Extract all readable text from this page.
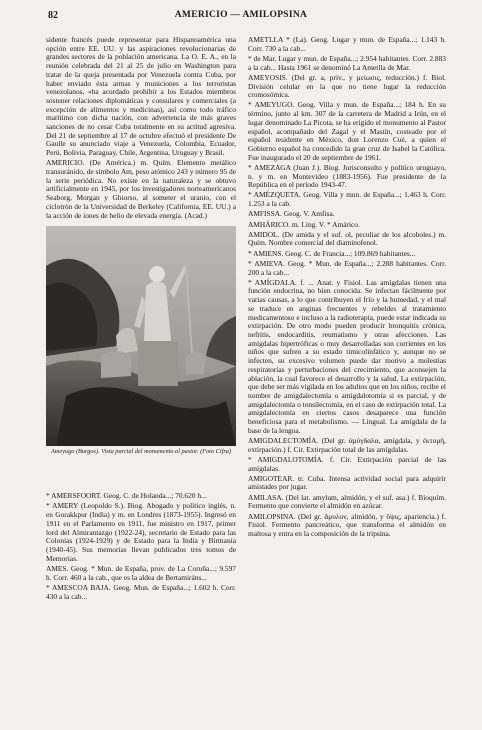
82	AMERICIO — AMILOPSINA

sidente francés puede representar para Hispanoamérica una opción entre EE. UU. y las aspiraciones revolucionarias de grandes sectores de la población americana. La O. E. A., en la reunión celebrada del 21 al 25 de julio en Washington para tratar de la queja presentada por Venezuela contra Cuba, por haber enviado ésta armas y municiones a los terroristas venezolanos, «ha acordado prohibir a los Estados miembros sostener relaciones diplomáticas y consulares y comerciales (a excepción de alimentos y medicinas), así como todo tráfico marítimo con dicha nación, con advertencia de más graves sanciones de no cesar Cuba totalmente en su actitud agresiva. Del 21 de septiembre al 17 de octubre efectuó el presidente De Gaulle su anunciado viaje a Venezuela, Colombia, Ecuador, Perú, Bolivia, Paraguay, Chile, Argentina, Uruguay y Brasil.

AMERICIO. (De América.) m. Quím. Elemento metálico transuránido, de símbolo Am, peso atómico 243 y número 95 de la serie periódica. No existe en la naturaleza y se obtuvo artificialmente en 1945, por los investigadores norteamericanos Seaborg, Morgan y Ghiorso, al someter el uranio, con el ciclotrón de la Universidad de Berkeley (California, EE. UU.) a la acción de iones de helio de elevada energía. (Acad.)

Ameyugo (Burgos). Vista parcial del monumento al pastor. (Foto Cifra)

* AMERSFOORT. Geog. C. de Holanda...; 70.620 h...

* AMERY (Leopoldo S.). Biog. Abogado y político inglés, n. en Gorakkpur (India) y m. en Londres (1873-1955). Ingresó en 1911 en el Parlamento en 1911, fue ministro en 1917, primer lord del Almirantazgo (1922-24), secretario de Estado para las Colonias (1924-1929) y de Estado para la India y Birmania (1940-45). Sus memorias llevan publicados tres tomos de Memorias.

AMES. Geog. * Mun. de España, prov. de La Coruña...; 9.597 h. Corr. 460 a la cab., que es la aldea de Bertamiráns...

* AMESCOA BAJA. Geog. Mun. de España...; 1.602 h. Corr. 430 a la cab...

AMETLLA * (La). Geog. Lugar y mun. de España...; 1.143 h. Corr. 730 a la cab...

* de Mar. Lugar y mun. de España...; 2.954 habitantes. Corr. 2.883 a la cab... Hasta 1961 se denominó La Ametlla de Mar.

AMEYOSIS. (Del gr. a, priv., y μείωσις, reducción.) f. Biol. División celular en la que no tiene lugar la reducción cromosómica.

* AMEYUGO. Geog. Villa y mun. de España...; 184 h. En su término, junto al km. 307 de la carretera de Madrid a Irún, en el lugar denominado La Picota, se ha erigido el monumento al Pastor español, acompañado del Zagal y el Mastín, costeado por el español residente en México, don Lorenzo Cué, a quien el Gobierno español ha concedido la gran cruz de Isabel la Católica. Fue inaugurado el 20 de septiembre de 1961.

* AMEZAGA (Juan J.). Biog. Jurisconsulto y político uruguayo, n. y m. en Montevideo (1883-1956). Fue presidente de la República en el período 1943-47.

* AMÉZQUETA. Geog. Villa y mun. de España...; 1.463 h. Corr. 1.253 a la cab.

AMFISSA. Geog. V. Amfisa.

AMHÁRICO. m. Ling. V. * Amárico.

AMIDOL. (De amida y el suf. ol, peculiar de los alcoholes.) m. Quím. Nombre comercial del diaminofenol.

* AMIENS. Geog. C. de Francia...; 109.869 habitantes...

* AMIEVA. Geog. * Mun. de España...; 2.288 habitantes. Corr. 200 a la cab...

* AMÍGDALA. f. ... Anat. y Fisiol. Las amígdalas tienen una función endocrina, no bien conocida. Se infectan fácilmente por varias causas, a lo que contribuyen el frío y la humedad, y el mal se traduce en anginas frecuentes y rebeldes al tratamiento medicamentoso e incluso a la radioterapia, puede estar indicada su extirpación. De otro modo pueden producir bronquitis crónica, nefritis, endocarditis, reumatismo y otras afecciones. Las amígdalas hipertróficas o muy desarrolladas son corrientes en los niños que sufren a su estado timicolinfático y, aunque no se infecten, su excesivo volumen puede dar motivo a molestias respiratorias y perturbaciones del crecimiento, que aconsejen la ablación, la cual favorece el desarrollo y la salud. La extirpación, que debe ser más vigilada en los adultos que en los niños, recibe el nombre de amigdalectomía o amigdalotomía si es parcial, y de amigdalectomía o tonsilectomía, en el caso de extirpación total. La amigdalectomía en ciertos casos desaparece una función beneficiosa para el metabolismo. — Lingual. La amígdala de la base de la lengua.

AMIGDALECTOMÍA. (Del gr. ἀμύγδαλα, amígdala, y ἐκτομή, extirpación.) f. Cir. Extirpación total de las amígdalas.

* AMIGDALOTOMÍA. f. Cir. Extirpación parcial de las amígdalas.

AMIGOTEAR. tr. Cuba. Intensa actividad social para adquirir amistades por jugar.

AMILASA. (Del lat. amylum, almidón, y el suf. asa.) f. Bioquím. Fermento que convierte el almidón en azúcar.

AMILOPSINA. (Del gr. ἄμυλον, almidón, y ὄψις, apariencia.) f. Fisiol. Fermento pancreático, que transforma el almidón en maltosa y entra en la composición de la tripsina.
